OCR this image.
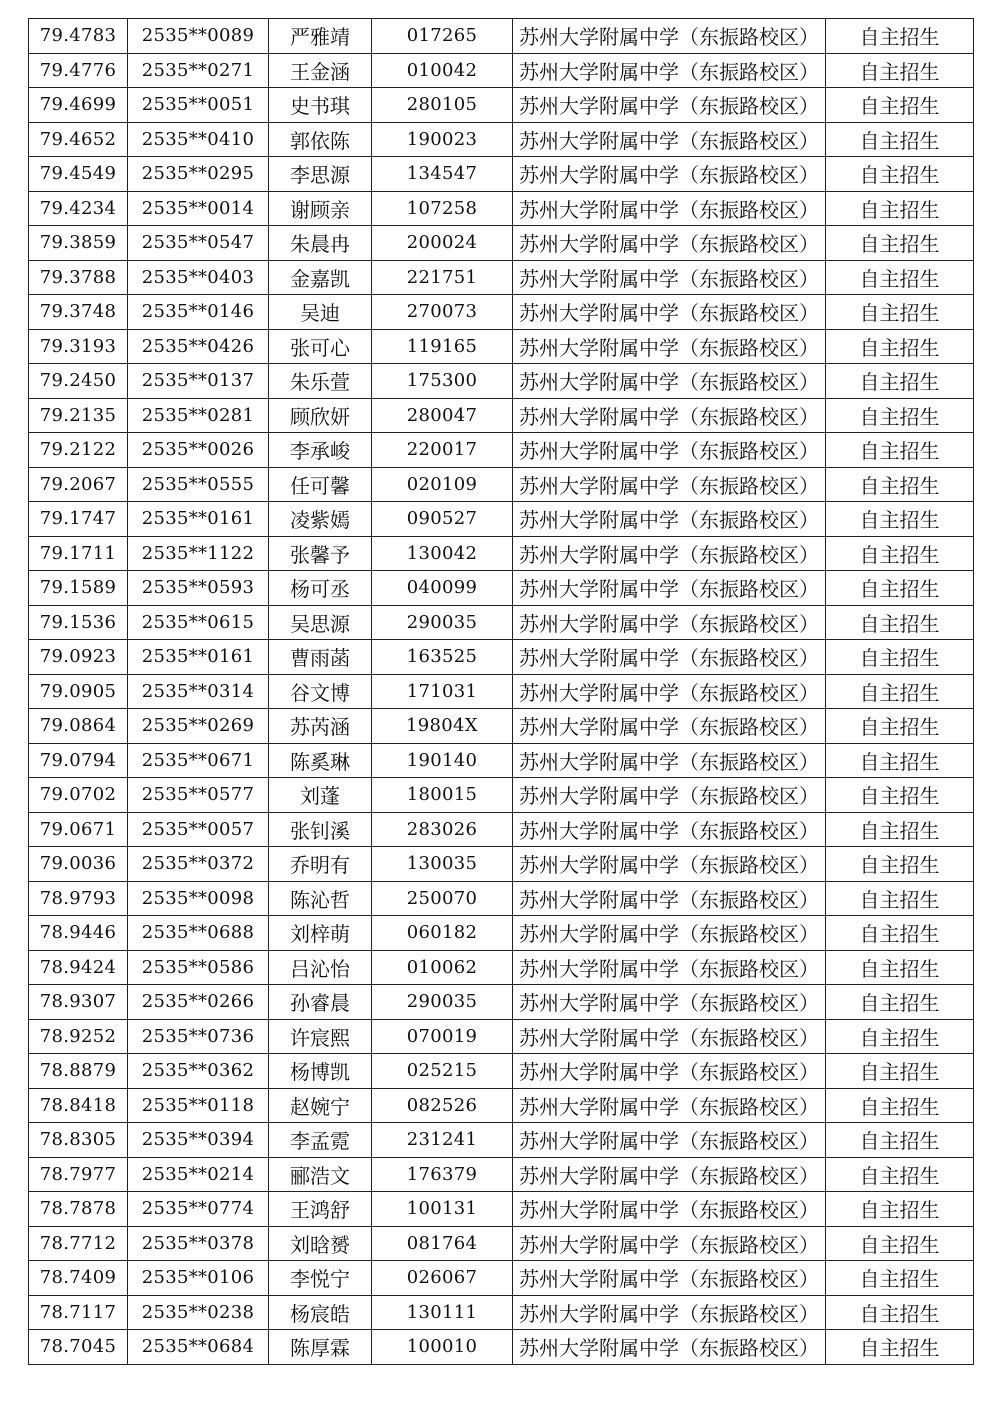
79.4783	2535**0089	严雅靖	017265	苏州大学附属中学（东振路校区）	自主招生
79.4776	2535**0271	王金涵	010042	苏州大学附属中学（东振路校区）	自主招生
79.4699	2535**0051	史书琪	280105	苏州大学附属中学（东振路校区）	自主招生
79.4652	2535**0410	郭依陈	190023	苏州大学附属中学（东振路校区）	自主招生
79.4549	2535**0295	李思源	134547	苏州大学附属中学（东振路校区）	自主招生
79.4234	2535**0014	谢顾亲	107258	苏州大学附属中学（东振路校区）	自主招生
79.3859	2535**0547	朱晨冉	200024	苏州大学附属中学（东振路校区）	自主招生
79.3788	2535**0403	金嘉凯	221751	苏州大学附属中学（东振路校区）	自主招生
79.3748	2535**0146	吴迪	270073	苏州大学附属中学（东振路校区）	自主招生
79.3193	2535**0426	张可心	119165	苏州大学附属中学（东振路校区）	自主招生
79.2450	2535**0137	朱乐萱	175300	苏州大学附属中学（东振路校区）	自主招生
79.2135	2535**0281	顾欣妍	280047	苏州大学附属中学（东振路校区）	自主招生
79.2122	2535**0026	李承峻	220017	苏州大学附属中学（东振路校区）	自主招生
79.2067	2535**0555	任可馨	020109	苏州大学附属中学（东振路校区）	自主招生
79.1747	2535**0161	凌紫嫣	090527	苏州大学附属中学（东振路校区）	自主招生
79.1711	2535**1122	张馨予	130042	苏州大学附属中学（东振路校区）	自主招生
79.1589	2535**0593	杨可丞	040099	苏州大学附属中学（东振路校区）	自主招生
79.1536	2535**0615	吴思源	290035	苏州大学附属中学（东振路校区）	自主招生
79.0923	2535**0161	曹雨菡	163525	苏州大学附属中学（东振路校区）	自主招生
79.0905	2535**0314	谷文博	171031	苏州大学附属中学（东振路校区）	自主招生
79.0864	2535**0269	苏芮涵	19804X	苏州大学附属中学（东振路校区）	自主招生
79.0794	2535**0671	陈奚琳	190140	苏州大学附属中学（东振路校区）	自主招生
79.0702	2535**0577	刘蓬	180015	苏州大学附属中学（东振路校区）	自主招生
79.0671	2535**0057	张钊溪	283026	苏州大学附属中学（东振路校区）	自主招生
79.0036	2535**0372	乔明有	130035	苏州大学附属中学（东振路校区）	自主招生
78.9793	2535**0098	陈沁哲	250070	苏州大学附属中学（东振路校区）	自主招生
78.9446	2535**0688	刘梓萌	060182	苏州大学附属中学（东振路校区）	自主招生
78.9424	2535**0586	吕沁怡	010062	苏州大学附属中学（东振路校区）	自主招生
78.9307	2535**0266	孙睿晨	290035	苏州大学附属中学（东振路校区）	自主招生
78.9252	2535**0736	许宸熙	070019	苏州大学附属中学（东振路校区）	自主招生
78.8879	2535**0362	杨博凯	025215	苏州大学附属中学（东振路校区）	自主招生
78.8418	2535**0118	赵婉宁	082526	苏州大学附属中学（东振路校区）	自主招生
78.8305	2535**0394	李孟霓	231241	苏州大学附属中学（东振路校区）	自主招生
78.7977	2535**0214	郦浩文	176379	苏州大学附属中学（东振路校区）	自主招生
78.7878	2535**0774	王鸿舒	100131	苏州大学附属中学（东振路校区）	自主招生
78.7712	2535**0378	刘晗赟	081764	苏州大学附属中学（东振路校区）	自主招生
78.7409	2535**0106	李悦宁	026067	苏州大学附属中学（东振路校区）	自主招生
78.7117	2535**0238	杨宸皓	130111	苏州大学附属中学（东振路校区）	自主招生
78.7045	2535**0684	陈厚霖	100010	苏州大学附属中学（东振路校区）	自主招生
